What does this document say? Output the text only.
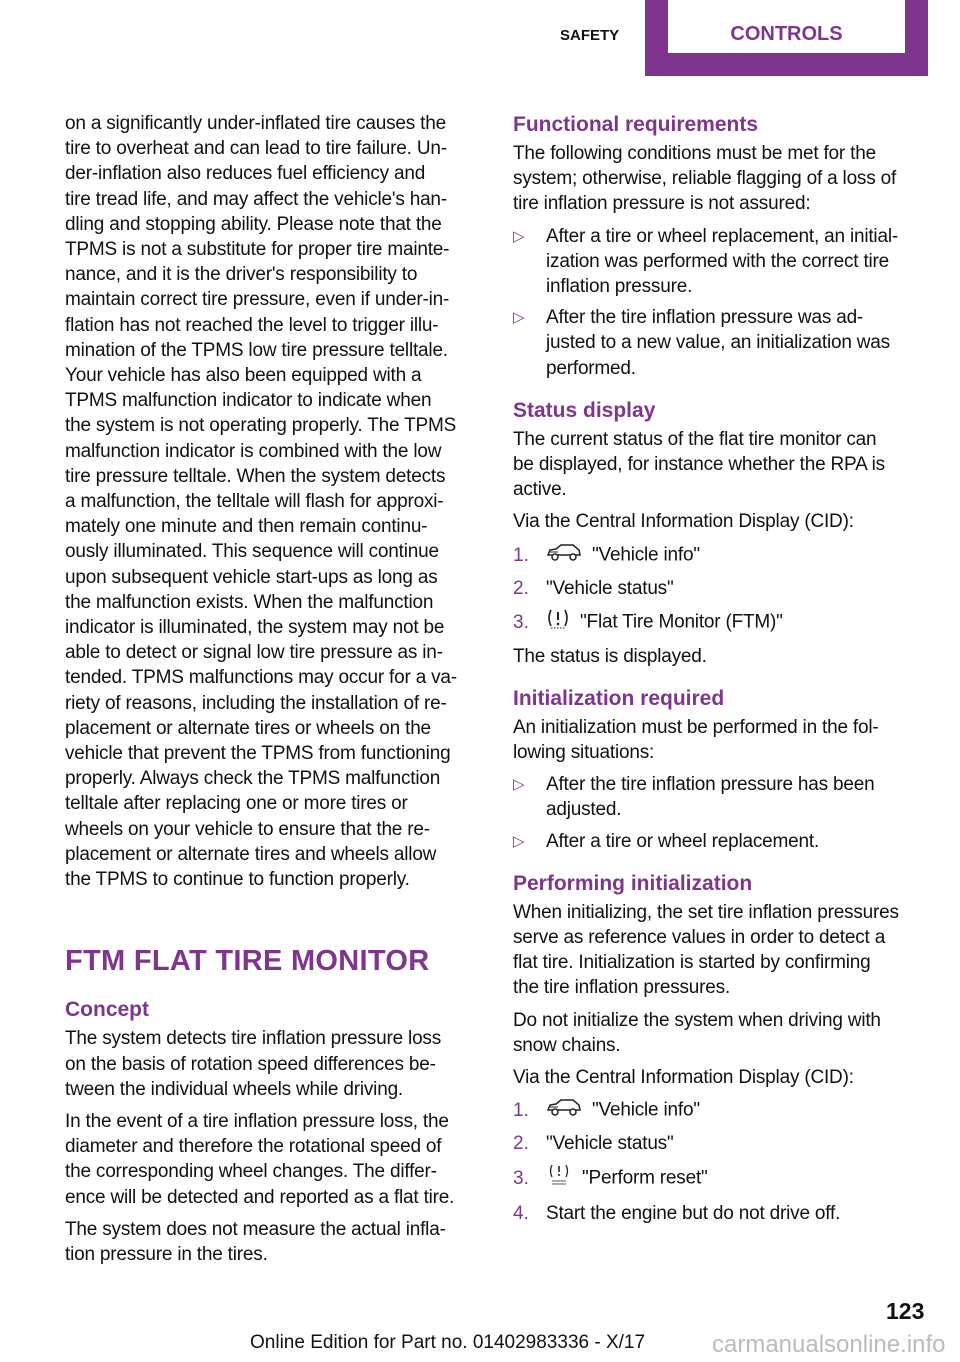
SAFETY	CONTROLS
on a significantly under-inflated tire causes the
tire to overheat and can lead to tire failure. Un-
der-inflation also reduces fuel efficiency and
tire tread life, and may affect the vehicle's han-
dling and stopping ability. Please note that the
TPMS is not a substitute for proper tire mainte-
nance, and it is the driver's responsibility to
maintain correct tire pressure, even if under-in-
flation has not reached the level to trigger illu-
mination of the TPMS low tire pressure telltale.
Your vehicle has also been equipped with a
TPMS malfunction indicator to indicate when
the system is not operating properly. The TPMS
malfunction indicator is combined with the low
tire pressure telltale. When the system detects
a malfunction, the telltale will flash for approxi-
mately one minute and then remain continu-
ously illuminated. This sequence will continue
upon subsequent vehicle start-ups as long as
the malfunction exists. When the malfunction
indicator is illuminated, the system may not be
able to detect or signal low tire pressure as in-
tended. TPMS malfunctions may occur for a va-
riety of reasons, including the installation of re-
placement or alternate tires or wheels on the
vehicle that prevent the TPMS from functioning
properly. Always check the TPMS malfunction
telltale after replacing one or more tires or
wheels on your vehicle to ensure that the re-
placement or alternate tires and wheels allow
the TPMS to continue to function properly.
FTM FLAT TIRE MONITOR
Concept
The system detects tire inflation pressure loss
on the basis of rotation speed differences be-
tween the individual wheels while driving.
In the event of a tire inflation pressure loss, the
diameter and therefore the rotational speed of
the corresponding wheel changes. The differ-
ence will be detected and reported as a flat tire.
The system does not measure the actual infla-
tion pressure in the tires.
Functional requirements
The following conditions must be met for the
system; otherwise, reliable flagging of a loss of
tire inflation pressure is not assured:
▷	After a tire or wheel replacement, an initial-
ization was performed with the correct tire
inflation pressure.
▷	After the tire inflation pressure was ad-
justed to a new value, an initialization was
performed.
Status display
The current status of the flat tire monitor can
be displayed, for instance whether the RPA is
active.
Via the Central Information Display (CID):
1.	"Vehicle info"
2. "Vehicle status"
3.	"Flat Tire Monitor (FTM)"
The status is displayed.
Initialization required
An initialization must be performed in the fol-
lowing situations:
▷	After the tire inflation pressure has been
adjusted.
▷	After a tire or wheel replacement.
Performing initialization
When initializing, the set tire inflation pressures
serve as reference values in order to detect a
flat tire. Initialization is started by confirming
the tire inflation pressures.
Do not initialize the system when driving with
snow chains.
Via the Central Information Display (CID):
1.	"Vehicle info"
2. "Vehicle status"
3.	"Perform reset"
4. Start the engine but do not drive off.
Online Edition for Part no. 01402983336 - X/17
123
carmanualsonline.info
